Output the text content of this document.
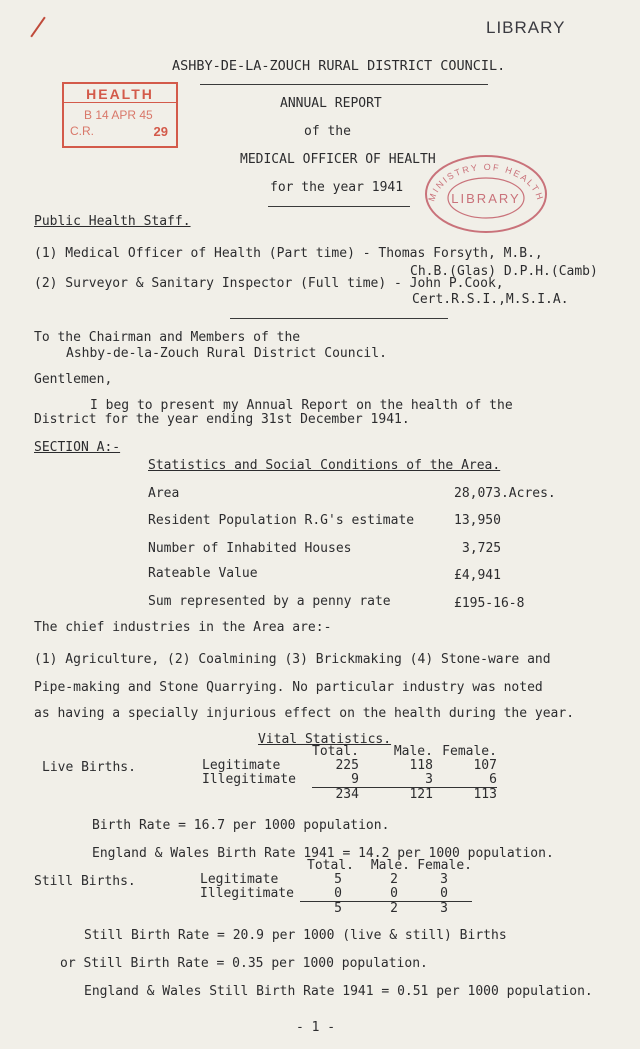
LIBRARY
ASHBY-DE-LA-ZOUCH RURAL DISTRICT COUNCIL.
HEALTH
B 14 APR 45
C.R.	29
ANNUAL REPORT
of the
MEDICAL OFFICER OF HEALTH
for the year 1941
MINISTRY OF HEALTH
LIBRARY
Public Health Staff.
(1) Medical Officer of Health (Part time) - Thomas Forsyth, M.B.,
Ch.B.(Glas) D.P.H.(Camb)
(2) Surveyor & Sanitary Inspector (Full time) - John P.Cook,
Cert.R.S.I.,M.S.I.A.
To the Chairman and Members of the
Ashby-de-la-Zouch Rural District Council.
Gentlemen,
I beg to present my Annual Report on the health of the
District for the year ending 31st December 1941.
SECTION A:-
Statistics and Social Conditions of the Area.
Area	28,073.Acres.
Resident Population R.G's estimate	13,950
Number of Inhabited Houses	3,725
Rateable Value	£4,941
Sum represented by a penny rate	£195-16-8
The chief industries in the Area are:-
(1) Agriculture, (2) Coalmining (3) Brickmaking (4) Stone-ware and
Pipe-making and Stone Quarrying. No particular industry was noted
as having a specially injurious effect on the health during the year.
Vital Statistics.
Live Births.
	Total.	Male.	Female.
Legitimate	225	118	107
Illegitimate	9	3	6
	234	121	113
Birth Rate = 16.7 per 1000 population.
England & Wales Birth Rate 1941 = 14.2 per 1000 population.
Still Births.
	Total.	Male.	Female.
Legitimate	5	2	3
Illegitimate	0	0	0
	5	2	3
Still Birth Rate = 20.9 per 1000 (live & still) Births
or Still Birth Rate = 0.35 per 1000 population.
England & Wales Still Birth Rate 1941 = 0.51 per 1000 population.
- 1 -
